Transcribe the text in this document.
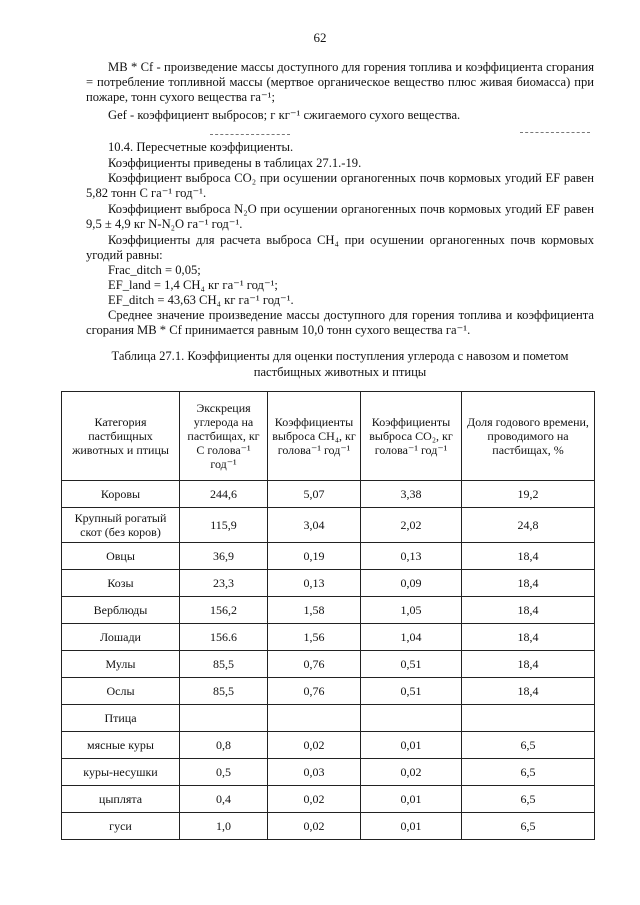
62

MB * Cf - произведение массы доступного для горения топлива и коэффициента сгорания = потребление топливной массы (мертвое органическое вещество плюс живая биомасса) при пожаре, тонн сухого вещества га⁻¹;

Gef - коэффициент выбросов; г кг⁻¹ сжигаемого сухого вещества.

10.4. Пересчетные коэффициенты.

Коэффициенты приведены в таблицах 27.1.-19.

Коэффициент выброса CO₂ при осушении органогенных почв кормовых угодий EF равен 5,82 тонн C га⁻¹ год⁻¹.

Коэффициент выброса N₂O при осушении органогенных почв кормовых угодий EF равен 9,5 ± 4,9 кг N-N₂O га⁻¹ год⁻¹.

Коэффициенты для расчета выброса CH₄ при осушении органогенных почв кормовых угодий равны:

Frac_ditch = 0,05;

EF_land = 1,4 CH₄ кг га⁻¹ год⁻¹;

EF_ditch = 43,63 CH₄ кг га⁻¹ год⁻¹.

Среднее значение произведение массы доступного для горения топлива и коэффициента сгорания MB * Cf принимается равным 10,0 тонн сухого вещества га⁻¹.

Таблица 27.1. Коэффициенты для оценки поступления углерода с навозом и пометом

пастбищных животных и птицы

Категория пастбищных животных и птицы	Экскреция углерода на пастбищах, кг C голова⁻¹ год⁻¹	Коэффициенты выброса CH₄, кг голова⁻¹ год⁻¹	Коэффициенты выброса CO₂, кг голова⁻¹ год⁻¹	Доля годового времени, проводимого на пастбищах, %
Коровы	244,6	5,07	3,38	19,2
Крупный рогатый скот (без коров)	115,9	3,04	2,02	24,8
Овцы	36,9	0,19	0,13	18,4
Козы	23,3	0,13	0,09	18,4
Верблюды	156,2	1,58	1,05	18,4
Лошади	156.6	1,56	1,04	18,4
Мулы	85,5	0,76	0,51	18,4
Ослы	85,5	0,76	0,51	18,4
Птица				
мясные куры	0,8	0,02	0,01	6,5
куры-несушки	0,5	0,03	0,02	6,5
цыплята	0,4	0,02	0,01	6,5
гуси	1,0	0,02	0,01	6,5
